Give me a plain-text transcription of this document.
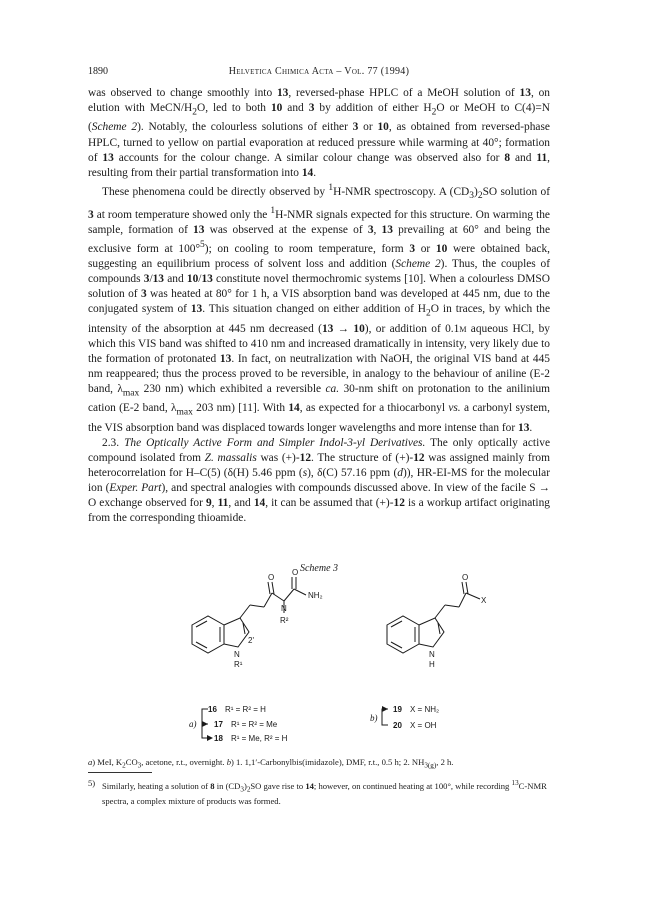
1890	Helvetica Chimica Acta – Vol. 77 (1994)

was observed to change smoothly into 13, reversed-phase HPLC of a MeOH solution of 13, on elution with MeCN/$H_2O$, led to both 10 and 3 by addition of either $H_2O$ or MeOH to C(4)=N (Scheme 2). Notably, the colourless solutions of either 3 or 10, as obtained from reversed-phase HPLC, turned to yellow on partial evaporation at reduced pressure while warming at 40°; formation of 13 accounts for the colour change. A similar colour change was observed also for 8 and 11, resulting from their partial transformation into 14.

These phenomena could be directly observed by $^1$H-NMR spectroscopy. A $(CD_3)_2SO$ solution of 3 at room temperature showed only the $^1$H-NMR signals expected for this structure. On warming the sample, formation of 13 was observed at the expense of 3, 13 prevailing at 60° and being the exclusive form at 100°$^5$); on cooling to room temperature, form 3 or 10 were obtained back, suggesting an equilibrium process of solvent loss and addition (Scheme 2). Thus, the couples of compounds 3/13 and 10/13 constitute novel thermochromic systems [10]. When a colourless DMSO solution of 3 was heated at 80° for 1 h, a VIS absorption band was developed at 445 nm, due to the conjugated system of 13. This situation changed on either addition of $H_2O$ in traces, by which the intensity of the absorption at 445 nm decreased (13 → 10), or addition of 0.1m aqueous HCl, by which this VIS band was shifted to 410 nm and increased dramatically in intensity, very likely due to the formation of protonated 13. In fact, on neutralization with NaOH, the original VIS band at 445 nm reappeared; thus the process proved to be reversible, in analogy to the behaviour of aniline (E-2 band, $\lambda_{max}$ 230 nm) which exhibited a reversible ca. 30-nm shift on protonation to the anilinium cation (E-2 band, $\lambda_{max}$ 203 nm) [11]. With 14, as expected for a thiocarbonyl vs. a carbonyl system, the VIS absorption band was displaced towards longer wavelengths and more intense than for 13.

2.3. The Optically Active Form and Simpler Indol-3-yl Derivatives. The only optically active compound isolated from Z. massalis was (+)-12. The structure of (+)-12 was assigned mainly from heterocorrelation for H–C(5) (δ(H) 5.46 ppm (s), δ(C) 57.16 ppm (d)), HR-EI-MS for the molecular ion (Exper. Part), and spectral analogies with compounds discussed above. In view of the facile S → O exchange observed for 9, 11, and 14, it can be assumed that (+)-12 is a workup artifact originating from the corresponding thioamide.

Scheme 3
NH₂
O
O
N
R²
2'
N
R¹
O
X
N
H
16 R¹ = R² = H
17 R¹ = R² = Me
18 R¹ = Me, R² = H
a)
19 X = NH₂
20 X = OH
b)
a) MeI, $K_2CO_3$, acetone, r.t., overnight. b) 1. 1,1′-Carbonylbis(imidazole), DMF, r.t., 0.5 h; 2. $NH_{3(g)}$, 2 h.
5) Similarly, heating a solution of 8 in $(CD_3)_2SO$ gave rise to 14; however, on continued heating at 100°, while recording $^{13}$C-NMR spectra, a complex mixture of products was formed.
